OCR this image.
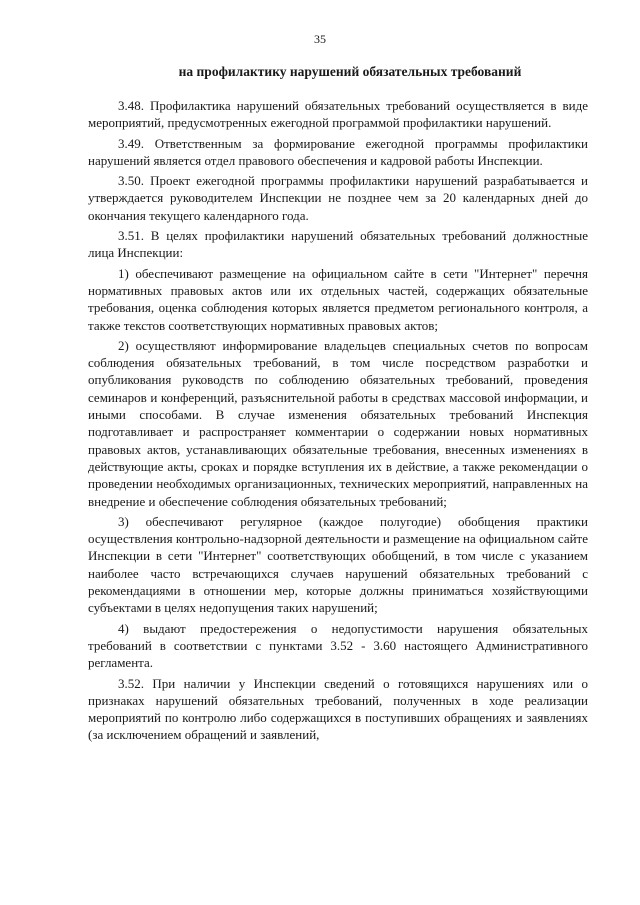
35
на профилактику нарушений обязательных требований

3.48. Профилактика нарушений обязательных требований осуществляется в виде мероприятий, предусмотренных ежегодной программой профилактики нарушений.

3.49. Ответственным за формирование ежегодной программы профилактики нарушений является отдел правового обеспечения и кадровой работы Инспекции.

3.50. Проект ежегодной программы профилактики нарушений разрабатывается и утверждается руководителем Инспекции не позднее чем за 20 календарных дней до окончания текущего календарного года.

3.51. В целях профилактики нарушений обязательных требований должностные лица Инспекции:

1) обеспечивают размещение на официальном сайте в сети "Интернет" перечня нормативных правовых актов или их отдельных частей, содержащих обязательные требования, оценка соблюдения которых является предметом регионального контроля, а также текстов соответствующих нормативных правовых актов;

2) осуществляют информирование владельцев специальных счетов по вопросам соблюдения обязательных требований, в том числе посредством разработки и опубликования руководств по соблюдению обязательных требований, проведения семинаров и конференций, разъяснительной работы в средствах массовой информации, и иными способами. В случае изменения обязательных требований Инспекция подготавливает и распространяет комментарии о содержании новых нормативных правовых актов, устанавливающих обязательные требования, внесенных изменениях в действующие акты, сроках и порядке вступления их в действие, а также рекомендации о проведении необходимых организационных, технических мероприятий, направленных на внедрение и обеспечение соблюдения обязательных требований;

3) обеспечивают регулярное (каждое полугодие) обобщения практики осуществления контрольно-надзорной деятельности и размещение на официальном сайте Инспекции в сети "Интернет" соответствующих обобщений, в том числе с указанием наиболее часто встречающихся случаев нарушений обязательных требований с рекомендациями в отношении мер, которые должны приниматься хозяйствующими субъектами в целях недопущения таких нарушений;

4) выдают предостережения о недопустимости нарушения обязательных требований в соответствии с пунктами 3.52 - 3.60 настоящего Административного регламента.

3.52. При наличии у Инспекции сведений о готовящихся нарушениях или о признаках нарушений обязательных требований, полученных в ходе реализации мероприятий по контролю либо содержащихся в поступивших обращениях и заявлениях (за исключением обращений и заявлений,
